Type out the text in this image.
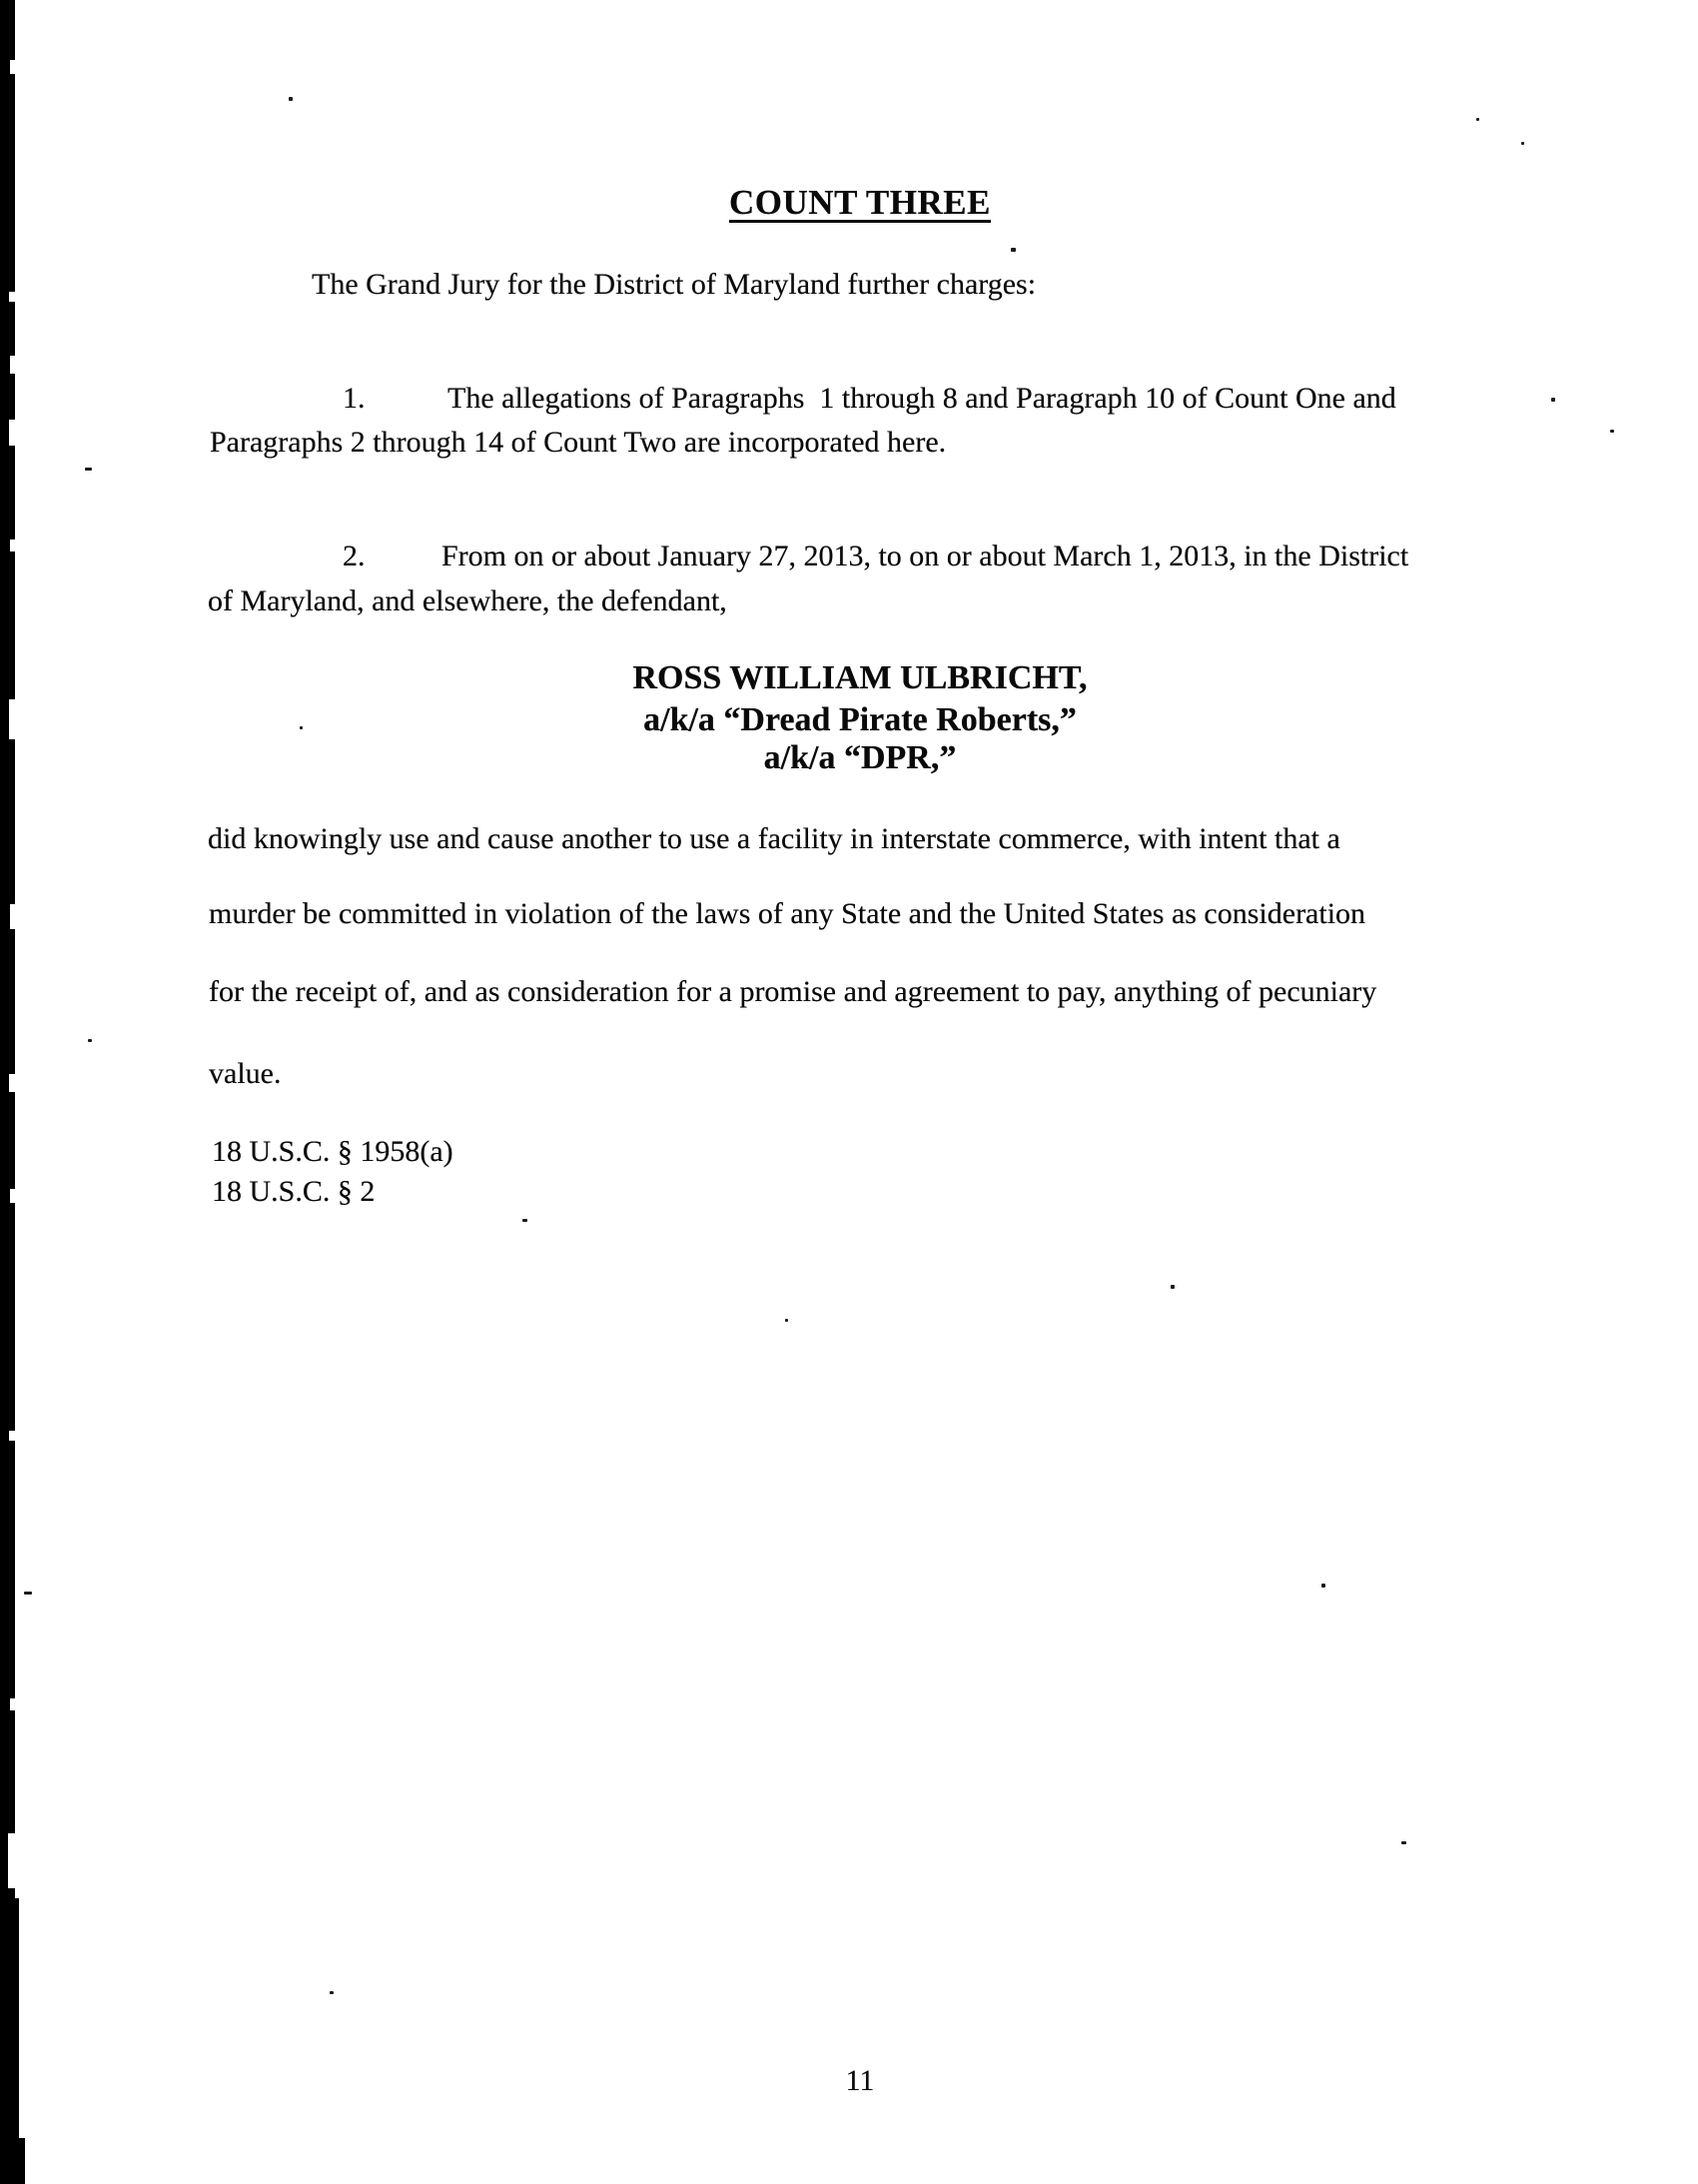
COUNT THREE
The Grand Jury for the District of Maryland further charges:

1.	The allegations of Paragraphs  1 through 8 and Paragraph 10 of Count One and

Paragraphs 2 through 14 of Count Two are incorporated here.

2.	From on or about January 27, 2013, to on or about March 1, 2013, in the District

of Maryland, and elsewhere, the defendant,
ROSS WILLIAM ULBRICHT,
a/k/a “Dread Pirate Roberts,”
a/k/a “DPR,”
did knowingly use and cause another to use a facility in interstate commerce, with intent that a
murder be committed in violation of the laws of any State and the United States as consideration
for the receipt of, and as consideration for a promise and agreement to pay, anything of pecuniary
value.
18 U.S.C. § 1958(a)
18 U.S.C. § 2
11
